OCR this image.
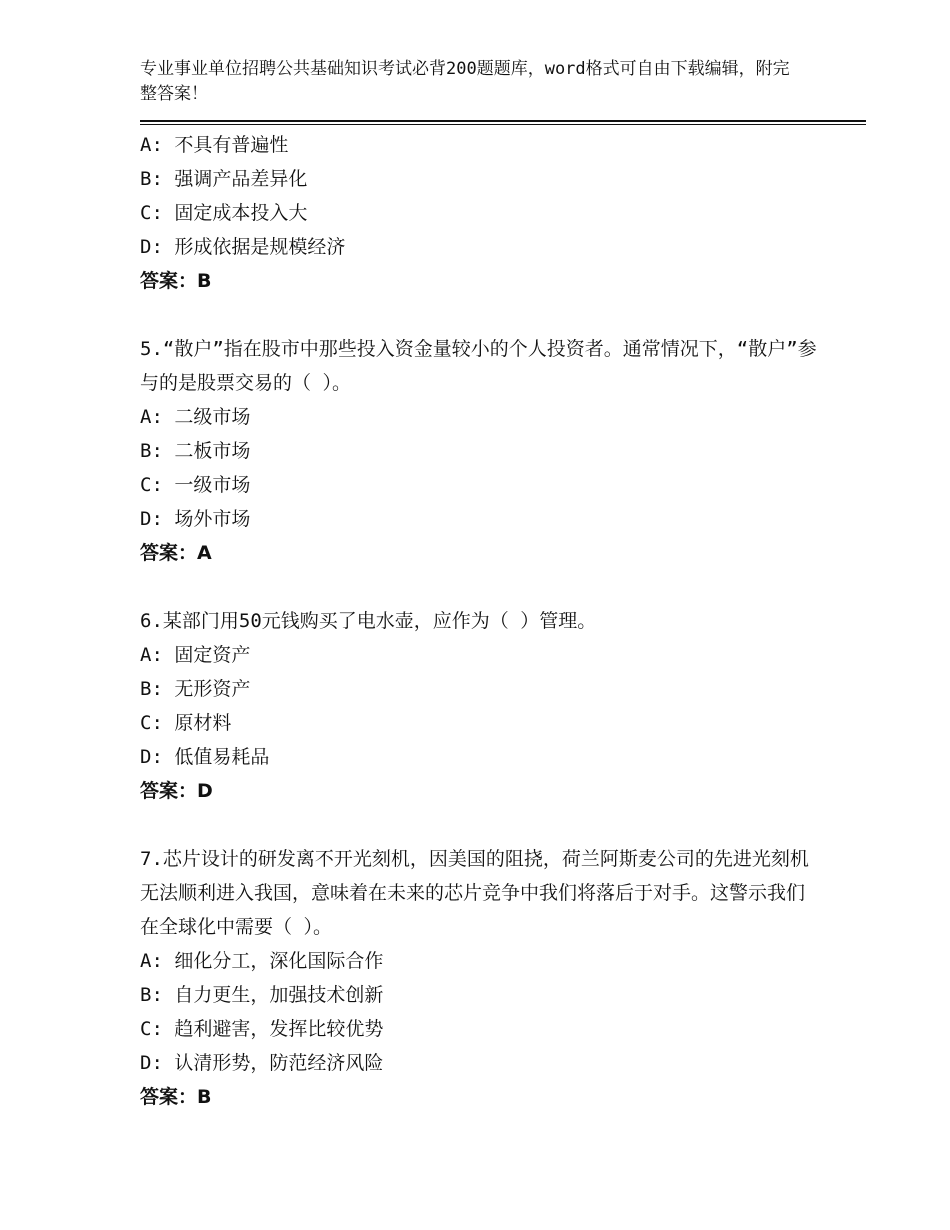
专业事业单位招聘公共基础知识考试必背200题题库，word格式可自由下载编辑，附完整答案！
A: 不具有普遍性
B: 强调产品差异化
C: 固定成本投入大
D: 形成依据是规模经济
答案：B
5.“散户”指在股市中那些投入资金量较小的个人投资者。通常情况下，“散户”参与的是股票交易的（ ）。
A: 二级市场
B: 二板市场
C: 一级市场
D: 场外市场
答案：A
6.某部门用50元钱购买了电水壶，应作为（ ）管理。
A: 固定资产
B: 无形资产
C: 原材料
D: 低值易耗品
答案：D
7.芯片设计的研发离不开光刻机，因美国的阻挠，荷兰阿斯麦公司的先进光刻机无法顺利进入我国，意味着在未来的芯片竞争中我们将落后于对手。这警示我们在全球化中需要（ ）。
A: 细化分工，深化国际合作
B: 自力更生，加强技术创新
C: 趋利避害，发挥比较优势
D: 认清形势，防范经济风险
答案：B
